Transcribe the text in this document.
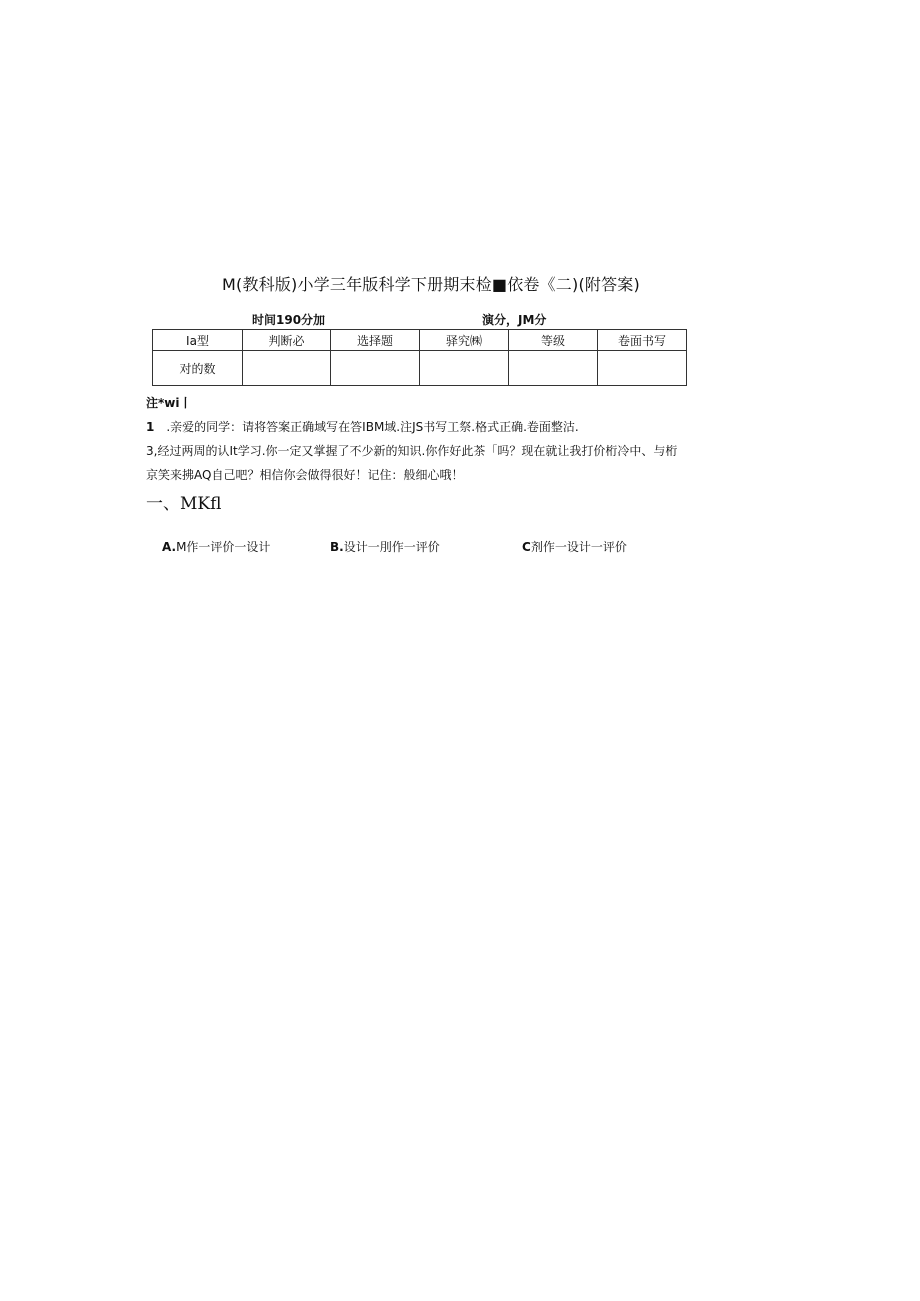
M(教科版)小学三年版科学下册期末检■依卷《二)(附答案)
时间190分加	演分，JM分
Ia型	判断必	选择题	驿究㈱	等级	卷面书写
对的数					
注*wi丨
1 .亲爱的同学：请将答案正确域写在答IBM域.注JS书写工祭.格式正确.卷面整沽.
3,经过两周的认It学习.你一定又掌握了不少新的知识.你作好此茶「吗？现在就让我打价桁冷中、与桁
京笑来拂AQ自己吧？相信你会做得很好！记住：般细心哦！
一、MKfl
A.M作一评价一设计	B.设计一刖作一评价	C剂作一设计一评价
